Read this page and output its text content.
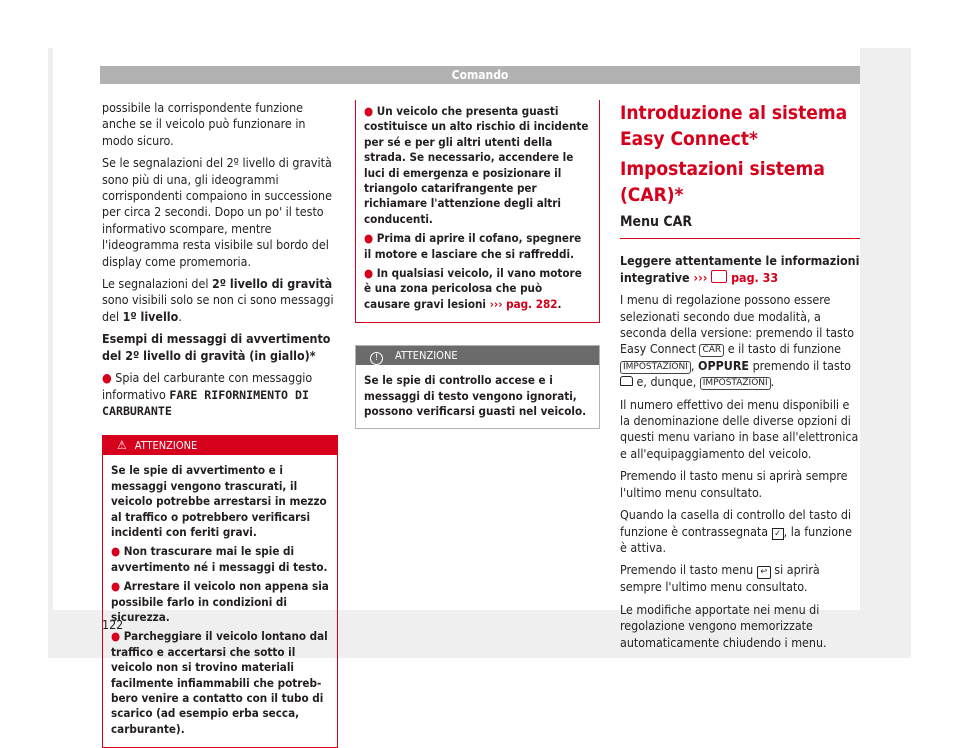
Comando

possibile la corrispondente funzione anche se il veicolo può funzionare in modo sicuro.

Se le segnalazioni del 2º livello di gravità sono più di una, gli ideogrammi corrispondenti compaiono in successione per circa 2 secondi. Dopo un po' il testo informativo scompare, mentre l'ideogramma resta visibile sul bordo del display come promemoria.

Le segnalazioni del 2º livello di gravità sono visibili solo se non ci sono messaggi del 1º livello.

Esempi di messaggi di avvertimento del 2º livello di gravità (in giallo)*

● Spia del carburante con messaggio informativo FARE RIFORNIMENTO DI CARBURANTE

⚠ ATTENZIONE

Se le spie di avvertimento e i messaggi vengono trascurati, il veicolo potrebbe arrestarsi in mezzo al traffico o potrebbero verificarsi incidenti con feriti gravi.

● Non trascurare mai le spie di avvertimento né i messaggi di testo.

● Arrestare il veicolo non appena sia possibile farlo in condizioni di sicurezza.

● Parcheggiare il veicolo lontano dal traffico e accertarsi che sotto il veicolo non si trovino materiali facilmente infiammabili che potrebbero venire a contatto con il tubo di scarico (ad esempio erba secca, carburante).

● Un veicolo che presenta guasti costituisce un alto rischio di incidente per sé e per gli altri utenti della strada. Se necessario, accendere le luci di emergenza e posizionare il triangolo catarifrangente per richiamare l'attenzione degli altri conducenti.

● Prima di aprire il cofano, spegnere il motore e lasciare che si raffreddi.

● In qualsiasi veicolo, il vano motore è una zona pericolosa che può causare gravi lesioni ››› pag. 282.

! ATTENZIONE
Se le spie di controllo accese e i messaggi di testo vengono ignorati, possono verificarsi guasti nel veicolo.
Introduzione al sistema Easy Connect*
Impostazioni sistema (CAR)*
Menu CAR

Leggere attentamente le informazioni integrative ››› pag. 33

I menu di regolazione possono essere selezionati secondo due modalità, a seconda della versione: premendo il tasto Easy Connect CAR e il tasto di funzione IMPOSTAZIONI , OPPURE premendo il tasto  e, dunque, IMPOSTAZIONI .

Il numero effettivo dei menu disponibili e la denominazione delle diverse opzioni di questi menu variano in base all'elettronica e all'equipaggiamento del veicolo.

Premendo il tasto menu si aprirà sempre l'ultimo menu consultato.

Quando la casella di controllo del tasto di funzione è contrassegnata ✓ , la funzione è attiva.

Premendo il tasto menu ↩ si aprirà sempre l'ultimo menu consultato.

Le modifiche apportate nei menu di regolazione vengono memorizzate automaticamente chiudendo i menu.

122
